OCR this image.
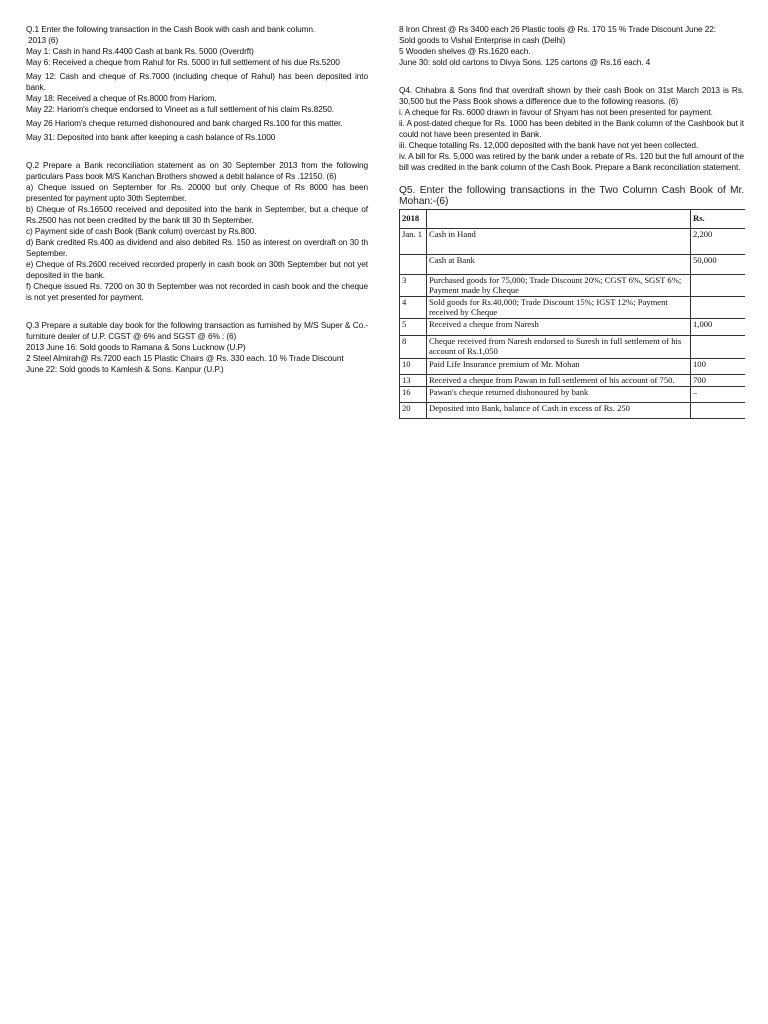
Q.1 Enter the following transaction in the Cash Book with cash and bank column.

2013 (6)

May 1: Cash in hand Rs.4400 Cash at bank Rs. 5000 (Overdrft)

May 6: Received a cheque from Rahul for Rs. 5000 in full settlement of his due Rs.5200

May 12: Cash and cheque of Rs.7000 (including cheque of Rahul) has been deposited into bank.

May 18: Received a cheque of Rs.8000 from Hariom.

May 22: Hariom's cheque endorsed to Vineet as a full settlement of his claim Rs.8250.

May 26 Hariom's cheque returned dishonoured and bank charged Rs.100 for this matter.

May 31: Deposited into bank after keeping a cash balance of Rs.1000

Q.2 Prepare a Bank reconciliation statement as on 30 September 2013 from the following particulars Pass book M/S Kanchan Brothers showed a debit balance of Rs .12150. (6)

a) Cheque issued on September for Rs. 20000 but only Cheque of Rs 8000 has been presented for payment upto 30th September.

b) Cheque of Rs.16500 received and deposited into the bank in September, but a cheque of Rs.2500 has not been credited by the bank till 30 th September.

c) Payment side of cash Book (Bank colum) overcast by Rs.800.

d) Bank credited Rs.400 as dividend and also debited Rs. 150 as interest on overdraft on 30 th September.

e) Cheque of Rs.2600 received recorded properly in cash book on 30th September but not yet deposited in the bank.

f) Cheque issued Rs. 7200 on 30 th September was not recorded in cash book and the cheque is not yet presented for payment.

Q.3 Prepare a suitable day book for the following transaction as furnished by M/S Super & Co.-furniture dealer of U.P. CGST @ 6% and SGST @ 6% : (6)

2013 June 16: Sold goods to Ramana & Sons Lucknow (U.P)

2 Steel Almirah@ Rs.7200 each 15 Plastic Chairs @ Rs. 330 each. 10 % Trade Discount

June 22: Sold goods to Kamlesh & Sons. Kanpur (U.P.)

8 Iron Chrest @ Rs 3400 each 26 Plastic tools @ Rs. 170 15 % Trade Discount June 22:

Sold goods to Vishal Enterprise in cash (Delhi)

5 Wooden shelves @ Rs.1620 each.

June 30: sold old cartons to Divya Sons. 125 cartons @ Rs.16 each. 4

Q4. Chhabra & Sons find that overdraft shown by their cash Book on 31st March 2013 is Rs. 30,500 but the Pass Book shows a difference due to the following reasons. (6)

i. A cheque for Rs. 6000 drawn in favour of Shyam has not been presented for payment.

ii. A post-dated cheque for Rs. 1000 has been debited in the Bank column of the Cashbook but it could not have been presented in Bank.

iii. Cheque totalling Rs. 12,000 deposited with the bank have not yet been collected.

iv. A bill for Rs. 5,000 was retired by the bank under a rebate of Rs. 120 but the full amount of the bill was credited in the bank column of the Cash Book. Prepare a Bank reconciliation statement.

Q5. Enter the following transactions in the Two Column Cash Book of Mr. Mohan:-(6)

2018		Rs.
Jan. 1	Cash in Hand	2,200
	Cash at Bank	50,000
3	Purchased goods for 75,000; Trade Discount 20%; CGST 6%, SGST 6%; Payment made by Cheque	
4	Sold goods for Rs.40,000; Trade Discount 15%; IGST 12%; Payment received by Cheque	
5	Received a cheque from Naresh	1,000
8	Cheque received from Naresh endorsed to Suresh in full settlement of his account of Rs.1,050	
10	Paid Life Insurance premium of Mr. Mohan	100
13	Received a cheque from Pawan in full settlement of his account of 750.	700
16	Pawan's cheque returned dishonoured by bank	–
20	Deposited into Bank, balance of Cash in excess of Rs. 250	
